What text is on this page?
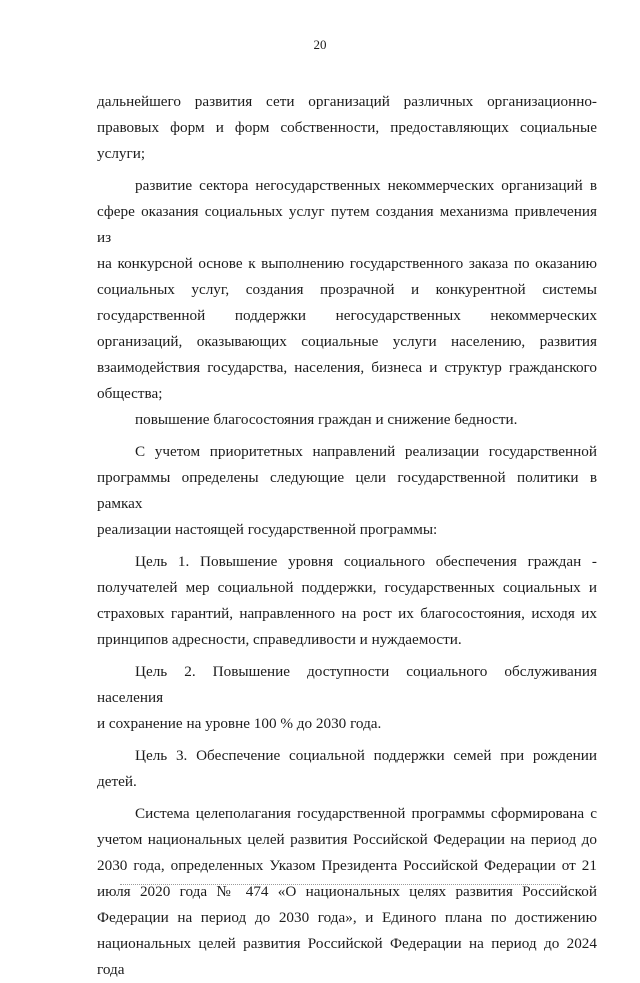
20

дальнейшего развития сети организаций различных организационно-

правовых форм и форм собственности, предоставляющих социальные

услуги;

развитие сектора негосударственных некоммерческих организаций в

сфере оказания социальных услуг путем создания механизма привлечения из

на конкурсной основе к выполнению государственного заказа по оказанию

социальных услуг, создания прозрачной и конкурентной системы

государственной поддержки негосударственных некоммерческих

организаций, оказывающих социальные услуги населению, развития

взаимодействия государства, населения, бизнеса и структур гражданского

общества;

повышение благосостояния граждан и снижение бедности.

С учетом приоритетных направлений реализации государственной

программы определены следующие цели государственной политики в рамках

реализации настоящей государственной программы:

Цель 1. Повышение уровня социального обеспечения граждан -

получателей мер социальной поддержки, государственных социальных и

страховых гарантий, направленного на рост их благосостояния, исходя их

принципов адресности, справедливости и нуждаемости.

Цель 2. Повышение доступности социального обслуживания населения

и сохранение на уровне 100 % до 2030 года.

Цель 3. Обеспечение социальной поддержки семей при рождении

детей.

Система целеполагания государственной программы сформирована с

учетом национальных целей развития Российской Федерации на период до

2030 года, определенных Указом Президента Российской Федерации от 21

июля 2020 года № 474 «О национальных целях развития Российской

Федерации на период до 2030 года», и Единого плана по достижению

национальных целей развития Российской Федерации на период до 2024 года
